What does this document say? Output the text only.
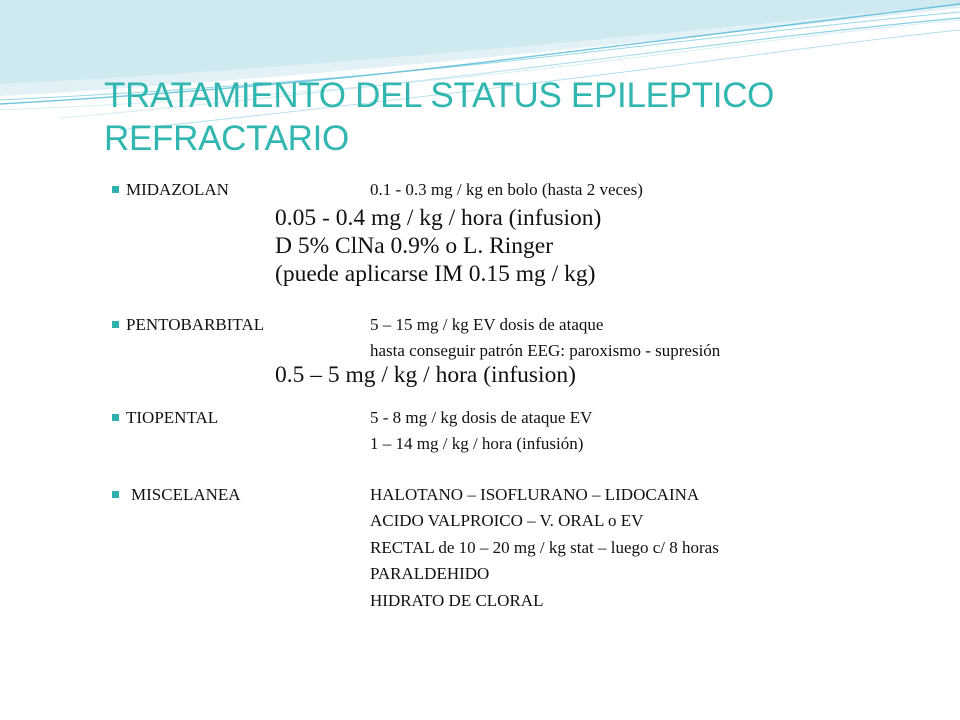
TRATAMIENTO DEL STATUS EPILEPTICO
REFRACTARIO
MIDAZOLAN	0.1 - 0.3 mg / kg en bolo (hasta 2 veces)
0.05 - 0.4 mg / kg / hora (infusion)
D 5% ClNa 0.9% o L. Ringer
(puede aplicarse IM 0.15 mg / kg)
PENTOBARBITAL	5 – 15 mg / kg EV dosis de ataque
hasta conseguir patrón EEG: paroxismo - supresión
0.5 – 5 mg / kg / hora (infusion)
TIOPENTAL	5 - 8 mg / kg dosis de ataque EV
1 – 14 mg / kg / hora (infusión)
MISCELANEA	HALOTANO – ISOFLURANO – LIDOCAINA
ACIDO VALPROICO – V. ORAL o EV
RECTAL de 10 – 20 mg / kg stat – luego c/ 8 horas
PARALDEHIDO
HIDRATO DE CLORAL
